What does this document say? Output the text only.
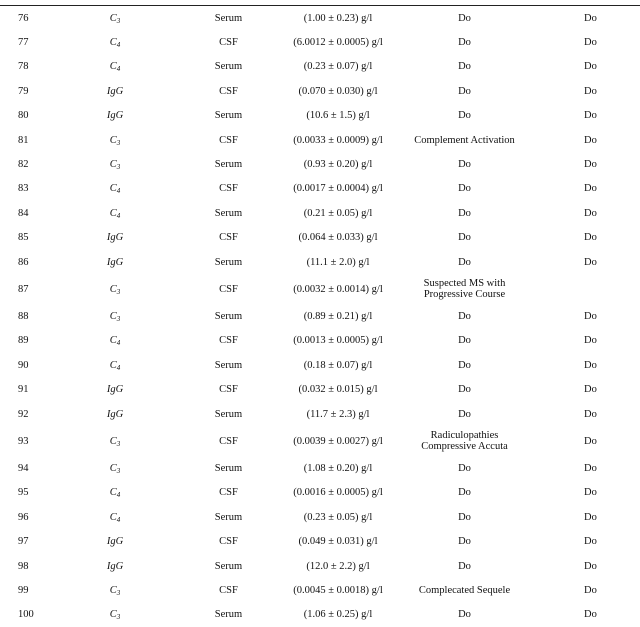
76	$C_3$	Serum	(1.00 ± 0.23) g/l	Do	Do
77	$C_4$	CSF	(6.0012 ± 0.0005) g/l	Do	Do
78	$C_4$	Serum	(0.23 ± 0.07) g/l	Do	Do
79	IgG	CSF	(0.070 ± 0.030) g/l	Do	Do
80	IgG	Serum	(10.6 ± 1.5) g/l	Do	Do
81	$C_3$	CSF	(0.0033 ± 0.0009) g/l	Complement Activation	Do
82	$C_3$	Serum	(0.93 ± 0.20) g/l	Do	Do
83	$C_4$	CSF	(0.0017 ± 0.0004) g/l	Do	Do
84	$C_4$	Serum	(0.21 ± 0.05) g/l	Do	Do
85	IgG	CSF	(0.064 ± 0.033) g/l	Do	Do
86	IgG	Serum	(11.1 ± 2.0) g/l	Do	Do
87	$C_3$	CSF	(0.0032 ± 0.0014) g/l	Suspected MS with
Progressive Course	

88	$C_3$	Serum	(0.89 ± 0.21) g/l	Do	Do
89	$C_4$	CSF	(0.0013 ± 0.0005) g/l	Do	Do
90	$C_4$	Serum	(0.18 ± 0.07) g/l	Do	Do
91	IgG	CSF	(0.032 ± 0.015) g/l	Do	Do
92	IgG	Serum	(11.7 ± 2.3) g/l	Do	Do
93	$C_3$	CSF	(0.0039 ± 0.0027) g/l	Radiculopathies
Compressive Accuta	Do
94	$C_3$	Serum	(1.08 ± 0.20) g/l	Do	Do
95	$C_4$	CSF	(0.0016 ± 0.0005) g/l	Do	Do
96	$C_4$	Serum	(0.23 ± 0.05) g/l	Do	Do
97	IgG	CSF	(0.049 ± 0.031) g/l	Do	Do
98	IgG	Serum	(12.0 ± 2.2) g/l	Do	Do
99	$C_3$	CSF	(0.0045 ± 0.0018) g/l	Complecated Sequele	Do
100	$C_3$	Serum	(1.06 ± 0.25) g/l	Do	Do
